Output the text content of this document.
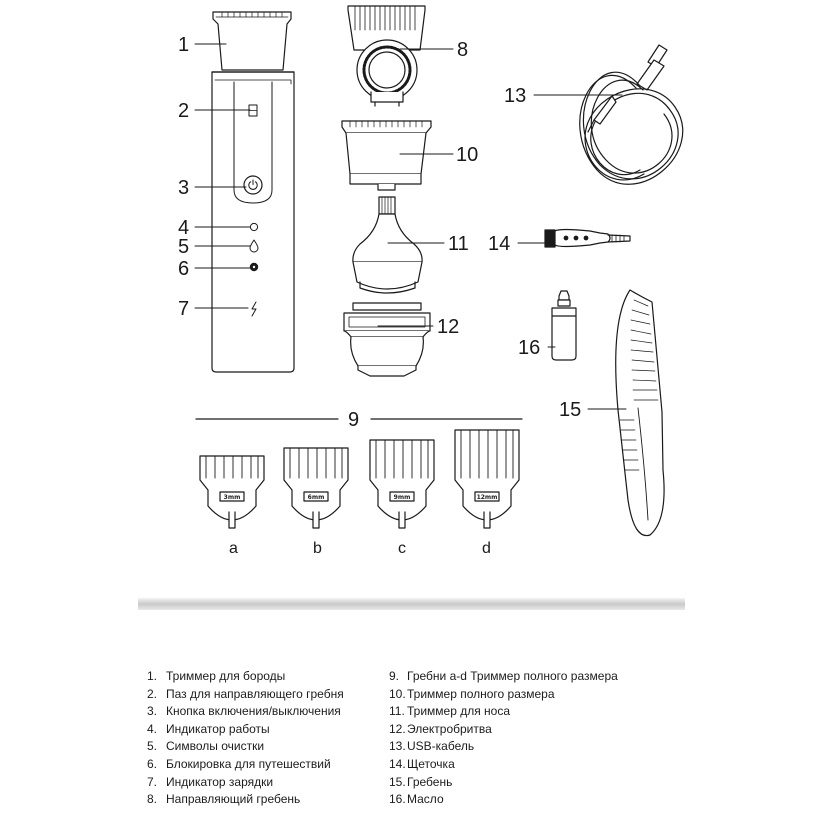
3mm	6mm	9mm	12mm
1
2
3
4
5
6
7
8
9
10
11
12
13
14
15
16
a	b	c	d
1. Триммер для бороды
2. Паз для направляющего гребня
3. Кнопка включения/выключения
4. Индикатор работы
5. Символы очистки
6. Блокировка для путешествий
7. Индикатор зарядки
8. Направляющий гребень
9. Гребни a-d Триммер полного размера
10.Триммер полного размера
11. Триммер для носа
12.Электробритва
13.USB-кабель
14.Щеточка
15.Гребень
16.Масло
